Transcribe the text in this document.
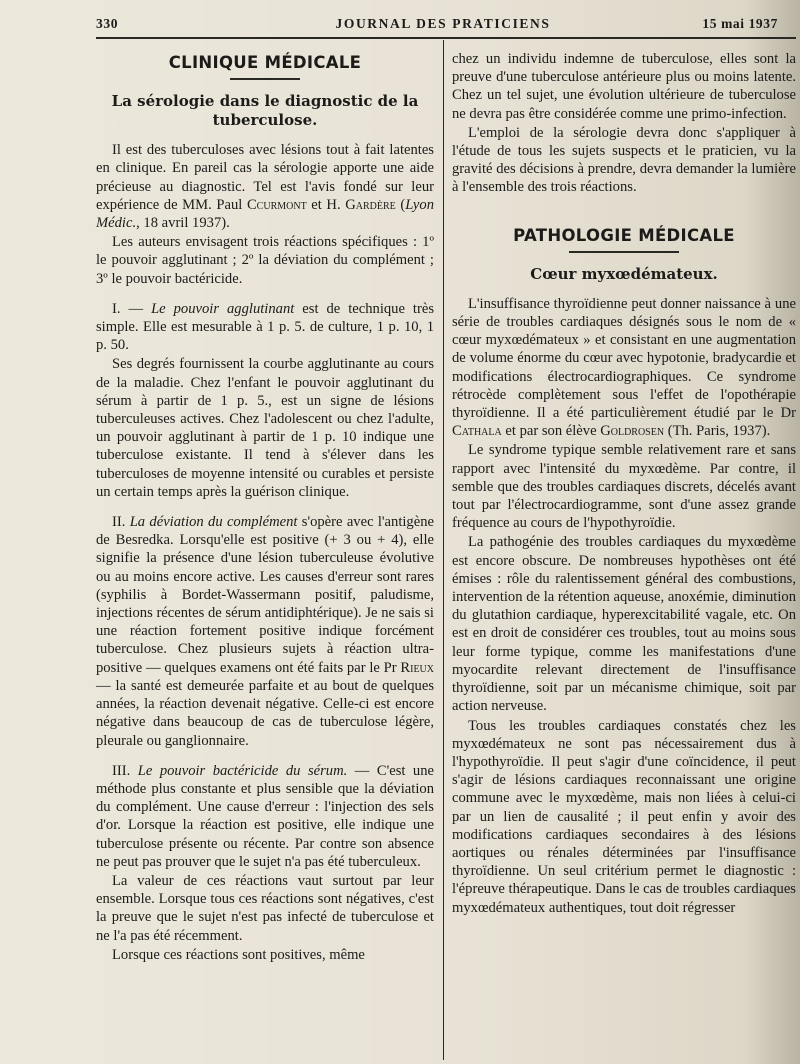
330	JOURNAL DES PRATICIENS	15 mai 1937
CLINIQUE MÉDICALE
La sérologie dans le diagnostic de la tuberculose.

Il est des tuberculoses avec lésions tout à fait latentes en clinique. En pareil cas la sérologie apporte une aide précieuse au diagnostic. Tel est l'avis fondé sur leur expérience de MM. Paul Ccurmont et H. Gardère (Lyon Médic., 18 avril 1937).

Les auteurs envisagent trois réactions spécifiques : 1º le pouvoir agglutinant ; 2º la déviation du complément ; 3º le pouvoir bactéricide.

I. — Le pouvoir agglutinant est de technique très simple. Elle est mesurable à 1 p. 5. de culture, 1 p. 10, 1 p. 50.

Ses degrés fournissent la courbe agglutinante au cours de la maladie. Chez l'enfant le pouvoir agglutinant du sérum à partir de 1 p. 5., est un signe de lésions tuberculeuses actives. Chez l'adolescent ou chez l'adulte, un pouvoir agglutinant à partir de 1 p. 10 indique une tuberculose existante. Il tend à s'élever dans les tuberculoses de moyenne intensité ou curables et persiste un certain temps après la guérison clinique.

II. La déviation du complément s'opère avec l'antigène de Besredka. Lorsqu'elle est positive (+ 3 ou + 4), elle signifie la présence d'une lésion tuberculeuse évolutive ou au moins encore active. Les causes d'erreur sont rares (syphilis à Bordet-Wassermann positif, paludisme, injections récentes de sérum antidiphtérique). Je ne sais si une réaction fortement positive indique forcément tuberculose. Chez plusieurs sujets à réaction ultra-positive — quelques examens ont été faits par le Pr Rieux — la santé est demeurée parfaite et au bout de quelques années, la réaction devenait négative. Celle-ci est encore négative dans beaucoup de cas de tuberculose légère, pleurale ou ganglionnaire.

III. Le pouvoir bactéricide du sérum. — C'est une méthode plus constante et plus sensible que la déviation du complément. Une cause d'erreur : l'injection des sels d'or. Lorsque la réaction est positive, elle indique une tuberculose présente ou récente. Par contre son absence ne peut pas prouver que le sujet n'a pas été tuberculeux.

La valeur de ces réactions vaut surtout par leur ensemble. Lorsque tous ces réactions sont négatives, c'est la preuve que le sujet n'est pas infecté de tuberculose et ne l'a pas été récemment.

Lorsque ces réactions sont positives, même

chez un individu indemne de tuberculose, elles sont la preuve d'une tuberculose antérieure plus ou moins latente. Chez un tel sujet, une évolution ultérieure de tuberculose ne devra pas être considérée comme une primo-infection.

L'emploi de la sérologie devra donc s'appliquer à l'étude de tous les sujets suspects et le praticien, vu la gravité des décisions à prendre, devra demander la lumière à l'ensemble des trois réactions.

PATHOLOGIE MÉDICALE
Cœur myxœdémateux.

L'insuffisance thyroïdienne peut donner naissance à une série de troubles cardiaques désignés sous le nom de « cœur myxœdémateux » et consistant en une augmentation de volume énorme du cœur avec hypotonie, bradycardie et modifications électrocardiographiques. Ce syndrome rétrocède complètement sous l'effet de l'opothérapie thyroïdienne. Il a été particulièrement étudié par le Dr Cathala et par son élève Goldrosen (Th. Paris, 1937).

Le syndrome typique semble relativement rare et sans rapport avec l'intensité du myxœdème. Par contre, il semble que des troubles cardiaques discrets, décelés avant tout par l'électrocardiogramme, sont d'une assez grande fréquence au cours de l'hypothyroïdie.

La pathogénie des troubles cardiaques du myxœdème est encore obscure. De nombreuses hypothèses ont été émises : rôle du ralentissement général des combustions, intervention de la rétention aqueuse, anoxémie, diminution du glutathion cardiaque, hyperexcitabilité vagale, etc. On est en droit de considérer ces troubles, tout au moins sous leur forme typique, comme les manifestations d'une myocardite relevant directement de l'insuffisance thyroïdienne, soit par un mécanisme chimique, soit par action nerveuse.

Tous les troubles cardiaques constatés chez les myxœdémateux ne sont pas nécessairement dus à l'hypothyroïdie. Il peut s'agir d'une coïncidence, il peut s'agir de lésions cardiaques reconnaissant une origine commune avec le myxœdème, mais non liées à celui-ci par un lien de causalité ; il peut enfin y avoir des modifications cardiaques secondaires à des lésions aortiques ou rénales déterminées par l'insuffisance thyroïdienne. Un seul critérium permet le diagnostic : l'épreuve thérapeutique. Dans le cas de troubles cardiaques myxœdémateux authentiques, tout doit régresser
